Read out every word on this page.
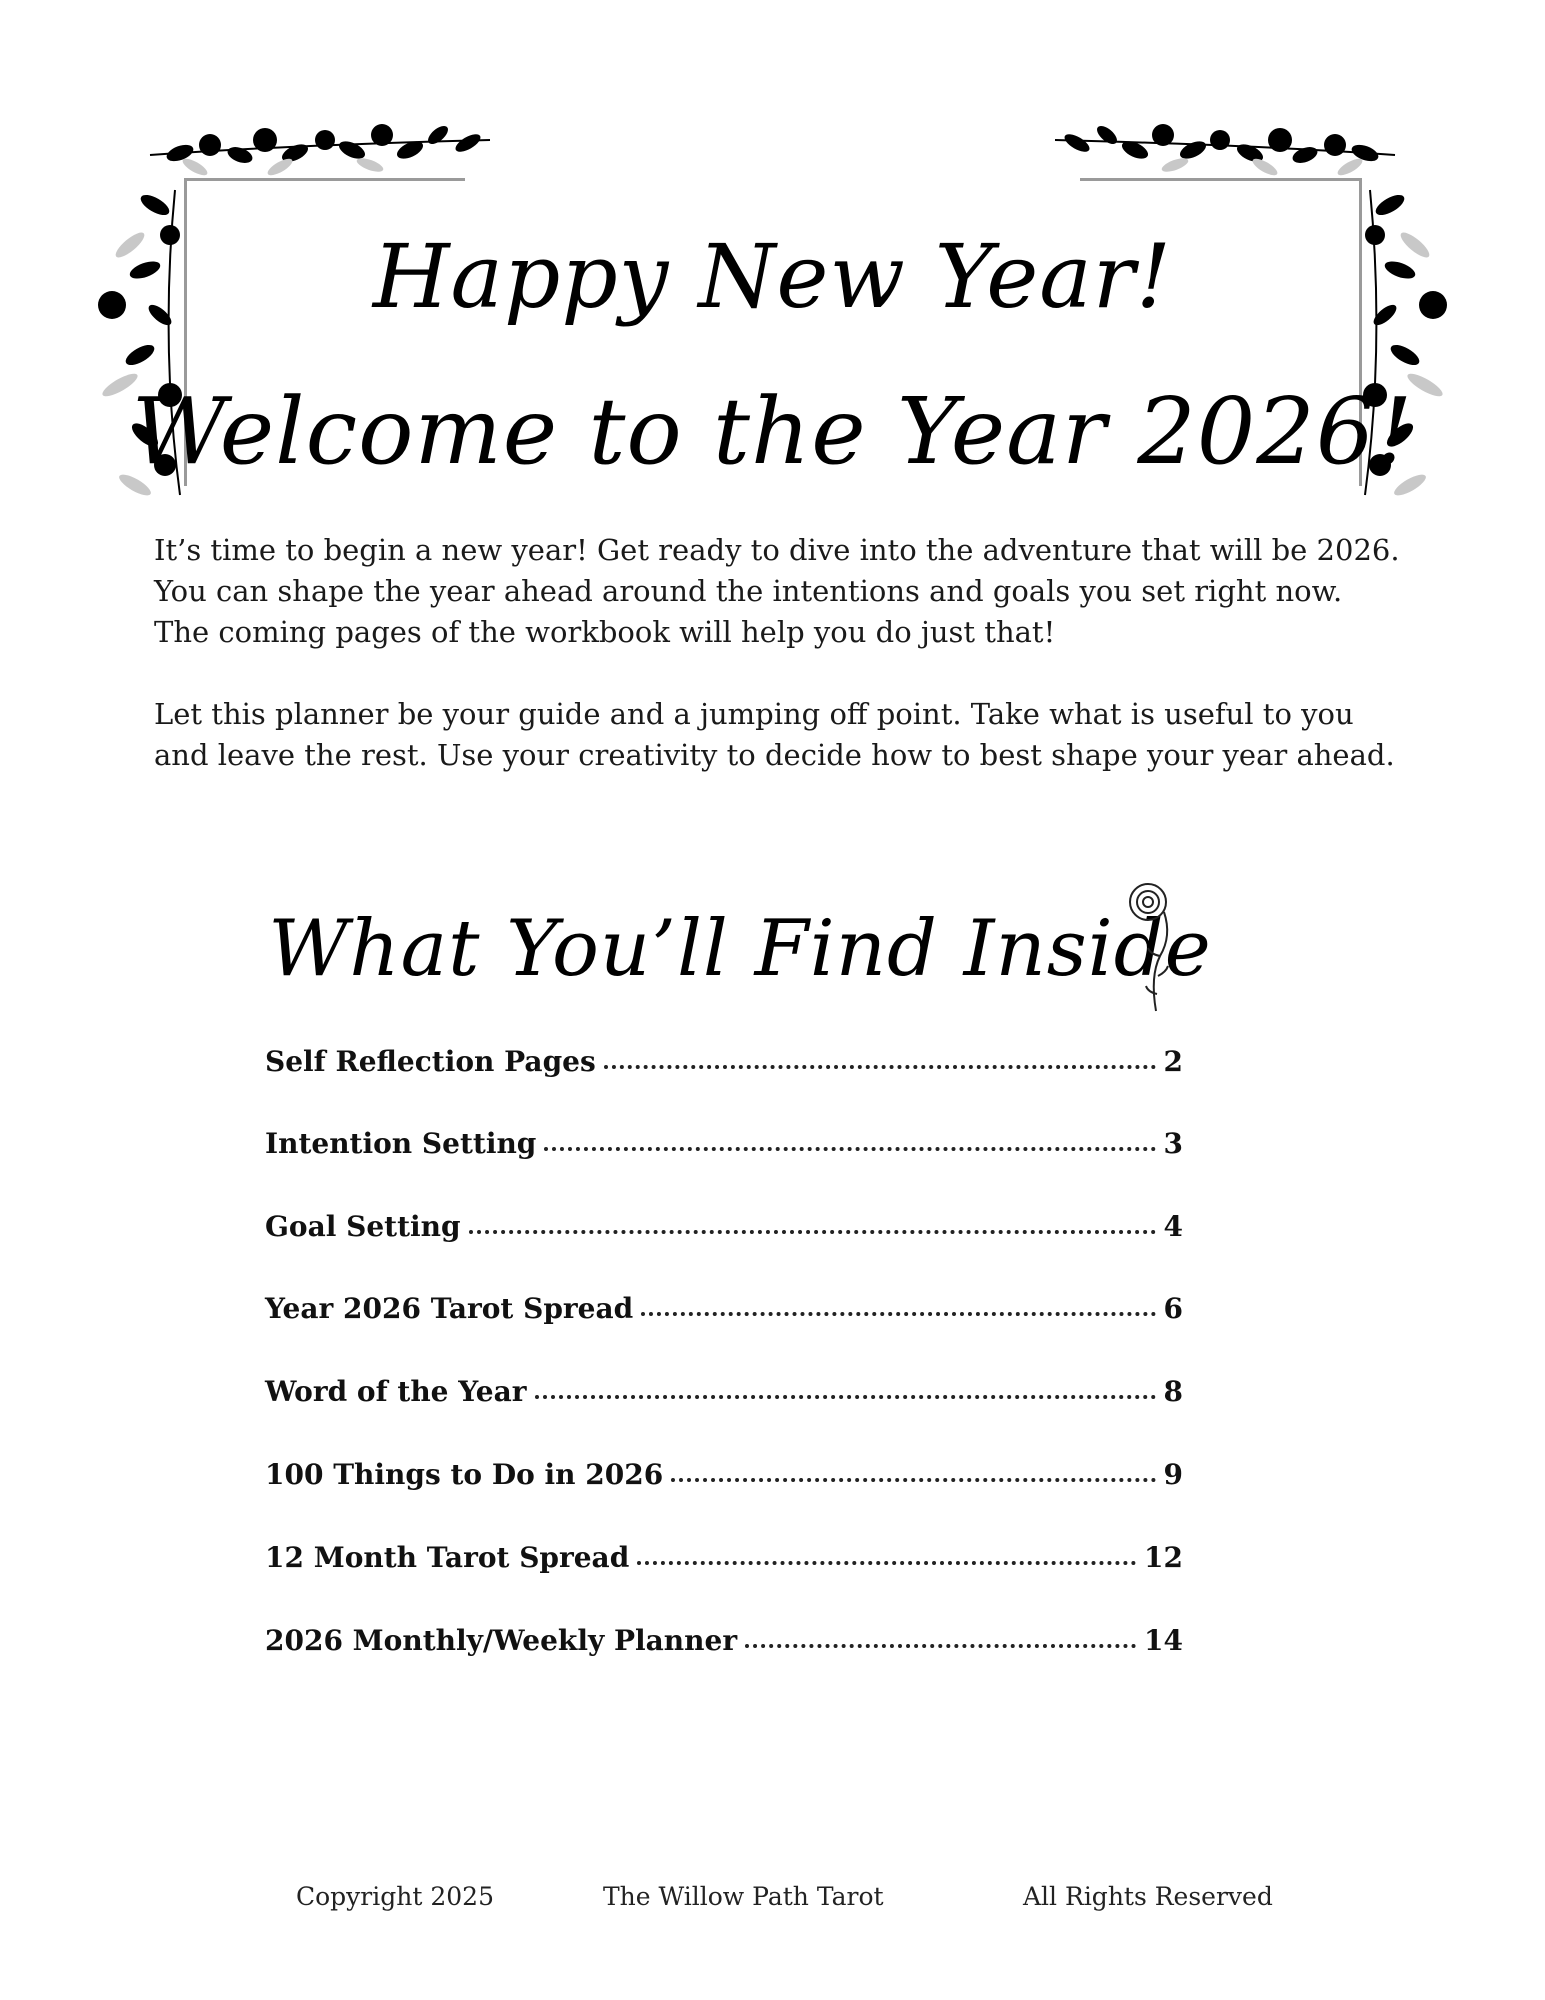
Happy New Year!
Welcome to the Year 2026!
It’s time to begin a new year! Get ready to dive into the adventure that will be 2026. You can shape the year ahead around the intentions and goals you set right now. The coming pages of the workbook will help you do just that!
Let this planner be your guide and a jumping off point. Take what is useful to you and leave the rest. Use your creativity to decide how to best shape your year ahead.
What You’ll Find Inside
Self Reflection Pages	2
Intention Setting	3
Goal Setting	4
Year 2026 Tarot Spread	6
Word of the Year	8
100 Things to Do in 2026	9
12 Month Tarot Spread	12
2026 Monthly/Weekly Planner	14
Copyright 2025	The Willow Path Tarot	All Rights Reserved
